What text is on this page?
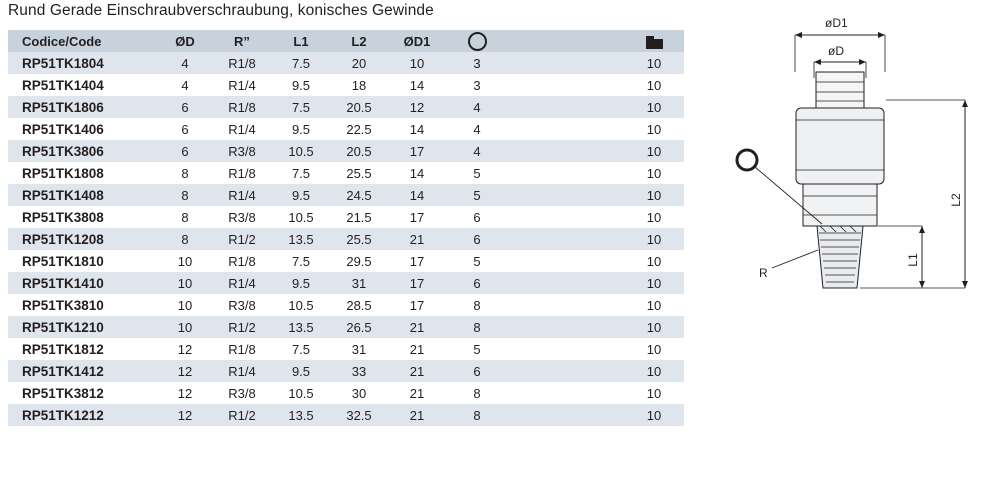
Rund Gerade Einschraubverschraubung, konisches Gewinde
Codice/Code	ØD	R”	L1	L2	ØD1				

RP51TK1804	4	R1/8	7.5	20	10	3			10
RP51TK1404	4	R1/4	9.5	18	14	3			10
RP51TK1806	6	R1/8	7.5	20.5	12	4			10
RP51TK1406	6	R1/4	9.5	22.5	14	4			10
RP51TK3806	6	R3/8	10.5	20.5	17	4			10
RP51TK1808	8	R1/8	7.5	25.5	14	5			10
RP51TK1408	8	R1/4	9.5	24.5	14	5			10
RP51TK3808	8	R3/8	10.5	21.5	17	6			10
RP51TK1208	8	R1/2	13.5	25.5	21	6			10
RP51TK1810	10	R1/8	7.5	29.5	17	5			10
RP51TK1410	10	R1/4	9.5	31	17	6			10
RP51TK3810	10	R3/8	10.5	28.5	17	8			10
RP51TK1210	10	R1/2	13.5	26.5	21	8			10
RP51TK1812	12	R1/8	7.5	31	21	5			10
RP51TK1412	12	R1/4	9.5	33	21	6			10
RP51TK3812	12	R3/8	10.5	30	21	8			10
RP51TK1212	12	R1/2	13.5	32.5	21	8			10
øD1
øD
L2
L1
R
